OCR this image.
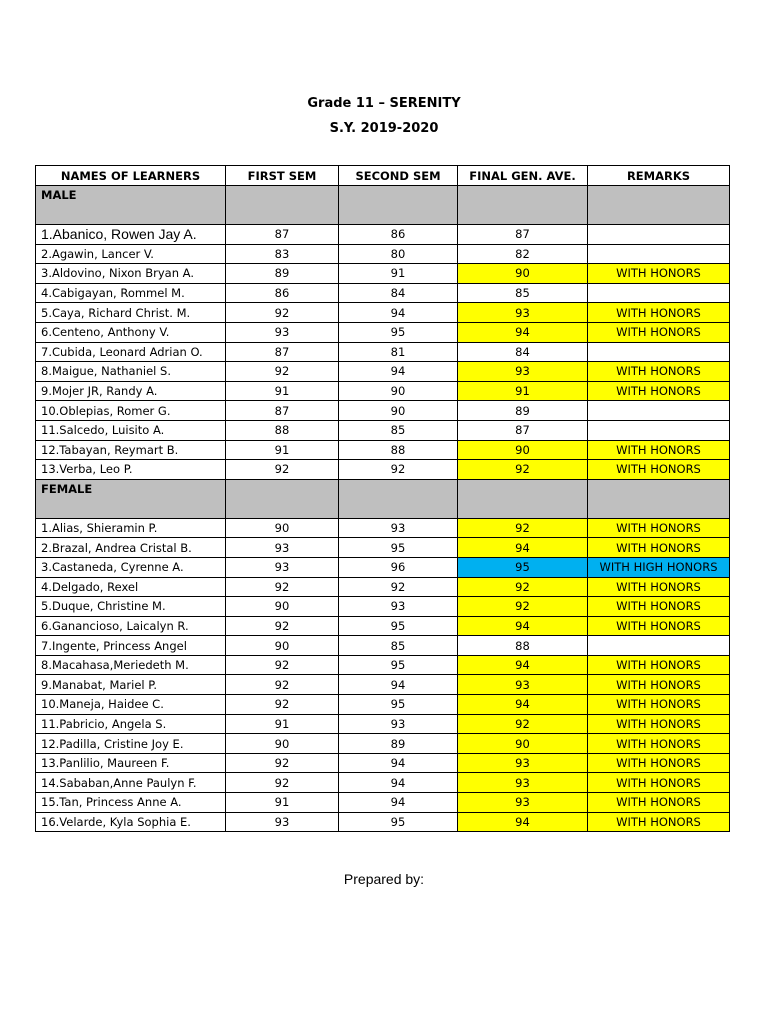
Grade 11 – SERENITY
S.Y. 2019-2020
NAMES OF LEARNERS	FIRST SEM	SECOND SEM	FINAL GEN. AVE.	REMARKS
MALE				
1.Abanico, Rowen Jay A.	87	86	87	
2.Agawin, Lancer V.	83	80	82	
3.Aldovino, Nixon Bryan A.	89	91	90	WITH HONORS
4.Cabigayan, Rommel M.	86	84	85	
5.Caya, Richard Christ. M.	92	94	93	WITH HONORS
6.Centeno, Anthony V.	93	95	94	WITH HONORS
7.Cubida, Leonard Adrian O.	87	81	84	
8.Maigue, Nathaniel S.	92	94	93	WITH HONORS
9.Mojer JR, Randy A.	91	90	91	WITH HONORS
10.Oblepias, Romer G.	87	90	89	
11.Salcedo, Luisito A.	88	85	87	
12.Tabayan, Reymart B.	91	88	90	WITH HONORS
13.Verba, Leo P.	92	92	92	WITH HONORS
FEMALE				
1.Alias, Shieramin P.	90	93	92	WITH HONORS
2.Brazal, Andrea Cristal B.	93	95	94	WITH HONORS
3.Castaneda, Cyrenne A.	93	96	95	WITH HIGH HONORS
4.Delgado, Rexel	92	92	92	WITH HONORS
5.Duque, Christine M.	90	93	92	WITH HONORS
6.Ganancioso, Laicalyn R.	92	95	94	WITH HONORS
7.Ingente, Princess Angel	90	85	88	
8.Macahasa,Meriedeth M.	92	95	94	WITH HONORS
9.Manabat, Mariel P.	92	94	93	WITH HONORS
10.Maneja, Haidee C.	92	95	94	WITH HONORS
11.Pabricio, Angela S.	91	93	92	WITH HONORS
12.Padilla, Cristine Joy E.	90	89	90	WITH HONORS
13.Panlilio, Maureen F.	92	94	93	WITH HONORS
14.Sababan,Anne Paulyn F.	92	94	93	WITH HONORS
15.Tan, Princess Anne A.	91	94	93	WITH HONORS
16.Velarde, Kyla Sophia E.	93	95	94	WITH HONORS
Prepared by:
